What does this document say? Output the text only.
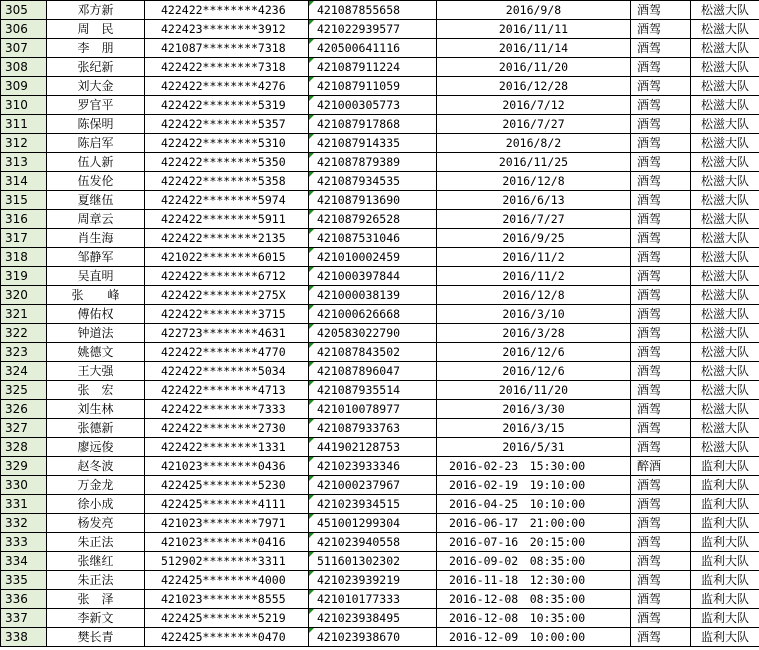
305	邓方新	422422********4236	421087855658	2016/9/8	酒驾	松滋大队
306	周　民	422423********3912	421022939577	2016/11/11	酒驾	松滋大队
307	李　朋	421087********7318	420500641116	2016/11/14	酒驾	松滋大队
308	张纪新	422422********7318	421087911224	2016/11/20	酒驾	松滋大队
309	刘大金	422422********4276	421087911059	2016/12/28	酒驾	松滋大队
310	罗官平	422422********5319	421000305773	2016/7/12	酒驾	松滋大队
311	陈保明	422422********5357	421087917868	2016/7/27	酒驾	松滋大队
312	陈启军	422422********5310	421087914335	2016/8/2	酒驾	松滋大队
313	伍人新	422422********5350	421087879389	2016/11/25	酒驾	松滋大队
314	伍发伦	422422********5358	421087934535	2016/12/8	酒驾	松滋大队
315	夏继伍	422422********5974	421087913690	2016/6/13	酒驾	松滋大队
316	周章云	422422********5911	421087926528	2016/7/27	酒驾	松滋大队
317	肖生海	422422********2135	421087531046	2016/9/25	酒驾	松滋大队
318	邹静军	421022********6015	421010002459	2016/11/2	酒驾	松滋大队
319	吴直明	422422********6712	421000397844	2016/11/2	酒驾	松滋大队
320	张　　峰	422422********275X	421000038139	2016/12/8	酒驾	松滋大队
321	傅佑权	422422********3715	421000626668	2016/3/10	酒驾	松滋大队
322	钟道法	422723********4631	420583022790	2016/3/28	酒驾	松滋大队
323	姚德文	422422********4770	421087843502	2016/12/6	酒驾	松滋大队
324	王大强	422422********5034	421087896047	2016/12/6	酒驾	松滋大队
325	张　宏	422422********4713	421087935514	2016/11/20	酒驾	松滋大队
326	刘生林	422422********7333	421010078977	2016/3/30	酒驾	松滋大队
327	张德新	422422********2730	421087933763	2016/3/15	酒驾	松滋大队
328	廖远俊	422422********1331	441902128753	2016/5/31	酒驾	松滋大队
329	赵冬波	421023********0436	421023933346	2016-02-23　15:30:00	醉酒	监利大队
330	万金龙	422425********5230	421000237967	2016-02-19　19:10:00	酒驾	监利大队
331	徐小成	422425********4111	421023934515	2016-04-25　10:10:00	酒驾	监利大队
332	杨发亮	421023********7971	451001299304	2016-06-17　21:00:00	酒驾	监利大队
333	朱正法	421023********0416	421023940558	2016-07-16　20:15:00	酒驾	监利大队
334	张继红	512902********3311	511601302302	2016-09-02　08:35:00	酒驾	监利大队
335	朱正法	422425********4000	421023939219	2016-11-18　12:30:00	酒驾	监利大队
336	张　泽	421023********8555	421010177333	2016-12-08　08:35:00	酒驾	监利大队
337	李新文	422425********5219	421023938495	2016-12-08　10:35:00	酒驾	监利大队
338	樊长青	422425********0470	421023938670	2016-12-09　10:00:00	酒驾	监利大队
